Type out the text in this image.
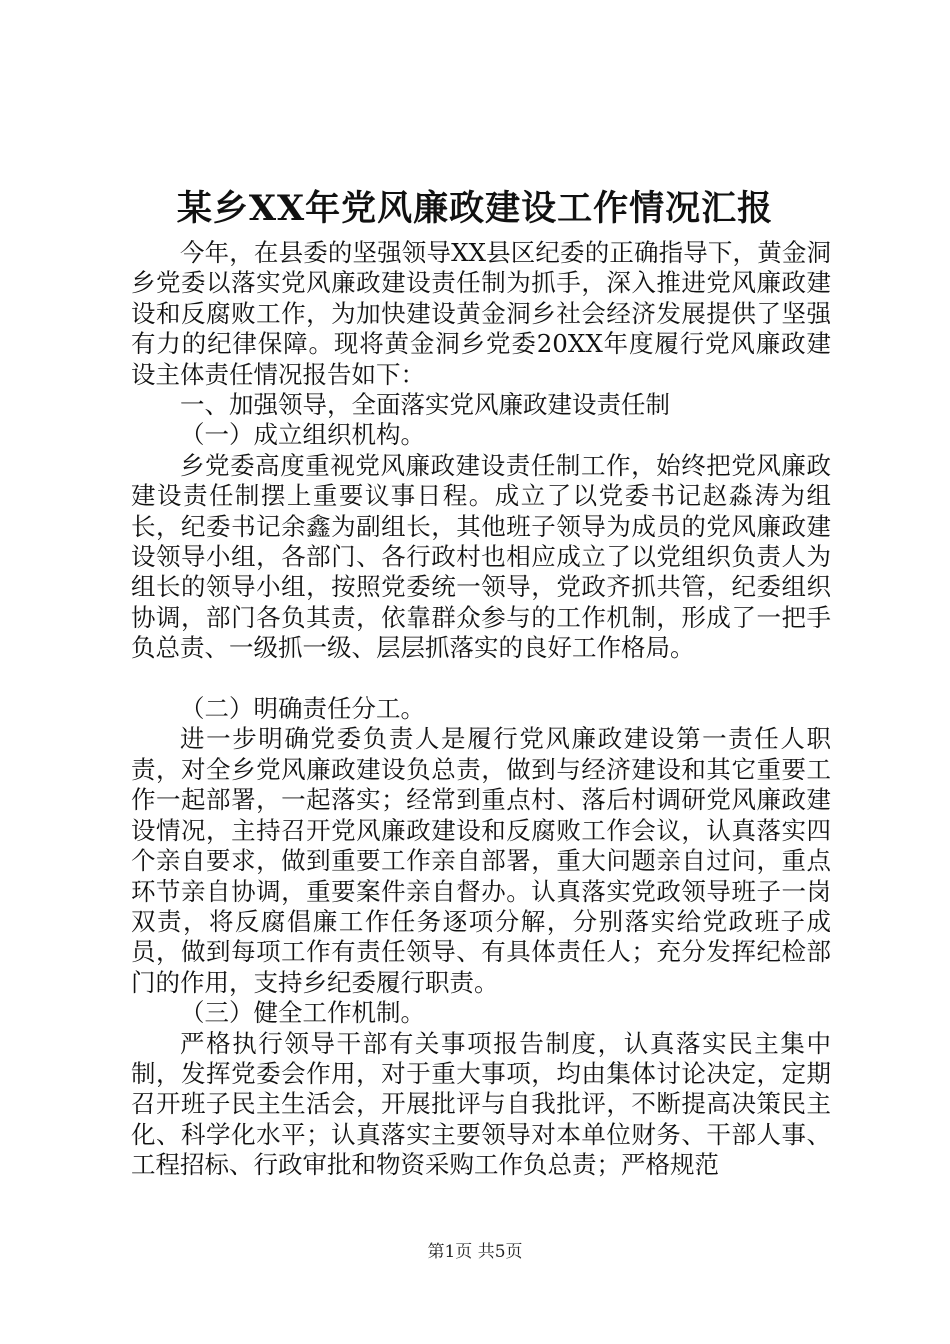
某乡XX年党风廉政建设工作情况汇报

今年，在县委的坚强领导XX县区纪委的正确指导下，黄金洞乡党委以落实党风廉政建设责任制为抓手，深入推进党风廉政建设和反腐败工作，为加快建设黄金洞乡社会经济发展提供了坚强有力的纪律保障。现将黄金洞乡党委20XX年度履行党风廉政建设主体责任情况报告如下：

一、加强领导，全面落实党风廉政建设责任制

（一）成立组织机构。

乡党委高度重视党风廉政建设责任制工作，始终把党风廉政建设责任制摆上重要议事日程。成立了以党委书记赵淼涛为组长，纪委书记余鑫为副组长，其他班子领导为成员的党风廉政建设领导小组，各部门、各行政村也相应成立了以党组织负责人为组长的领导小组，按照党委统一领导，党政齐抓共管，纪委组织协调，部门各负其责，依靠群众参与的工作机制，形成了一把手负总责、一级抓一级、层层抓落实的良好工作格局。

（二）明确责任分工。

进一步明确党委负责人是履行党风廉政建设第一责任人职责，对全乡党风廉政建设负总责，做到与经济建设和其它重要工作一起部署，一起落实；经常到重点村、落后村调研党风廉政建设情况，主持召开党风廉政建设和反腐败工作会议，认真落实四个亲自要求，做到重要工作亲自部署，重大问题亲自过问，重点环节亲自协调，重要案件亲自督办。认真落实党政领导班子一岗双责，将反腐倡廉工作任务逐项分解，分别落实给党政班子成员，做到每项工作有责任领导、有具体责任人；充分发挥纪检部门的作用，支持乡纪委履行职责。

（三）健全工作机制。

严格执行领导干部有关事项报告制度，认真落实民主集中制，发挥党委会作用，对于重大事项，均由集体讨论决定，定期召开班子民主生活会，开展批评与自我批评，不断提高决策民主化、科学化水平；认真落实主要领导对本单位财务、干部人事、工程招标、行政审批和物资采购工作负总责；严格规范

第1页 共5页
